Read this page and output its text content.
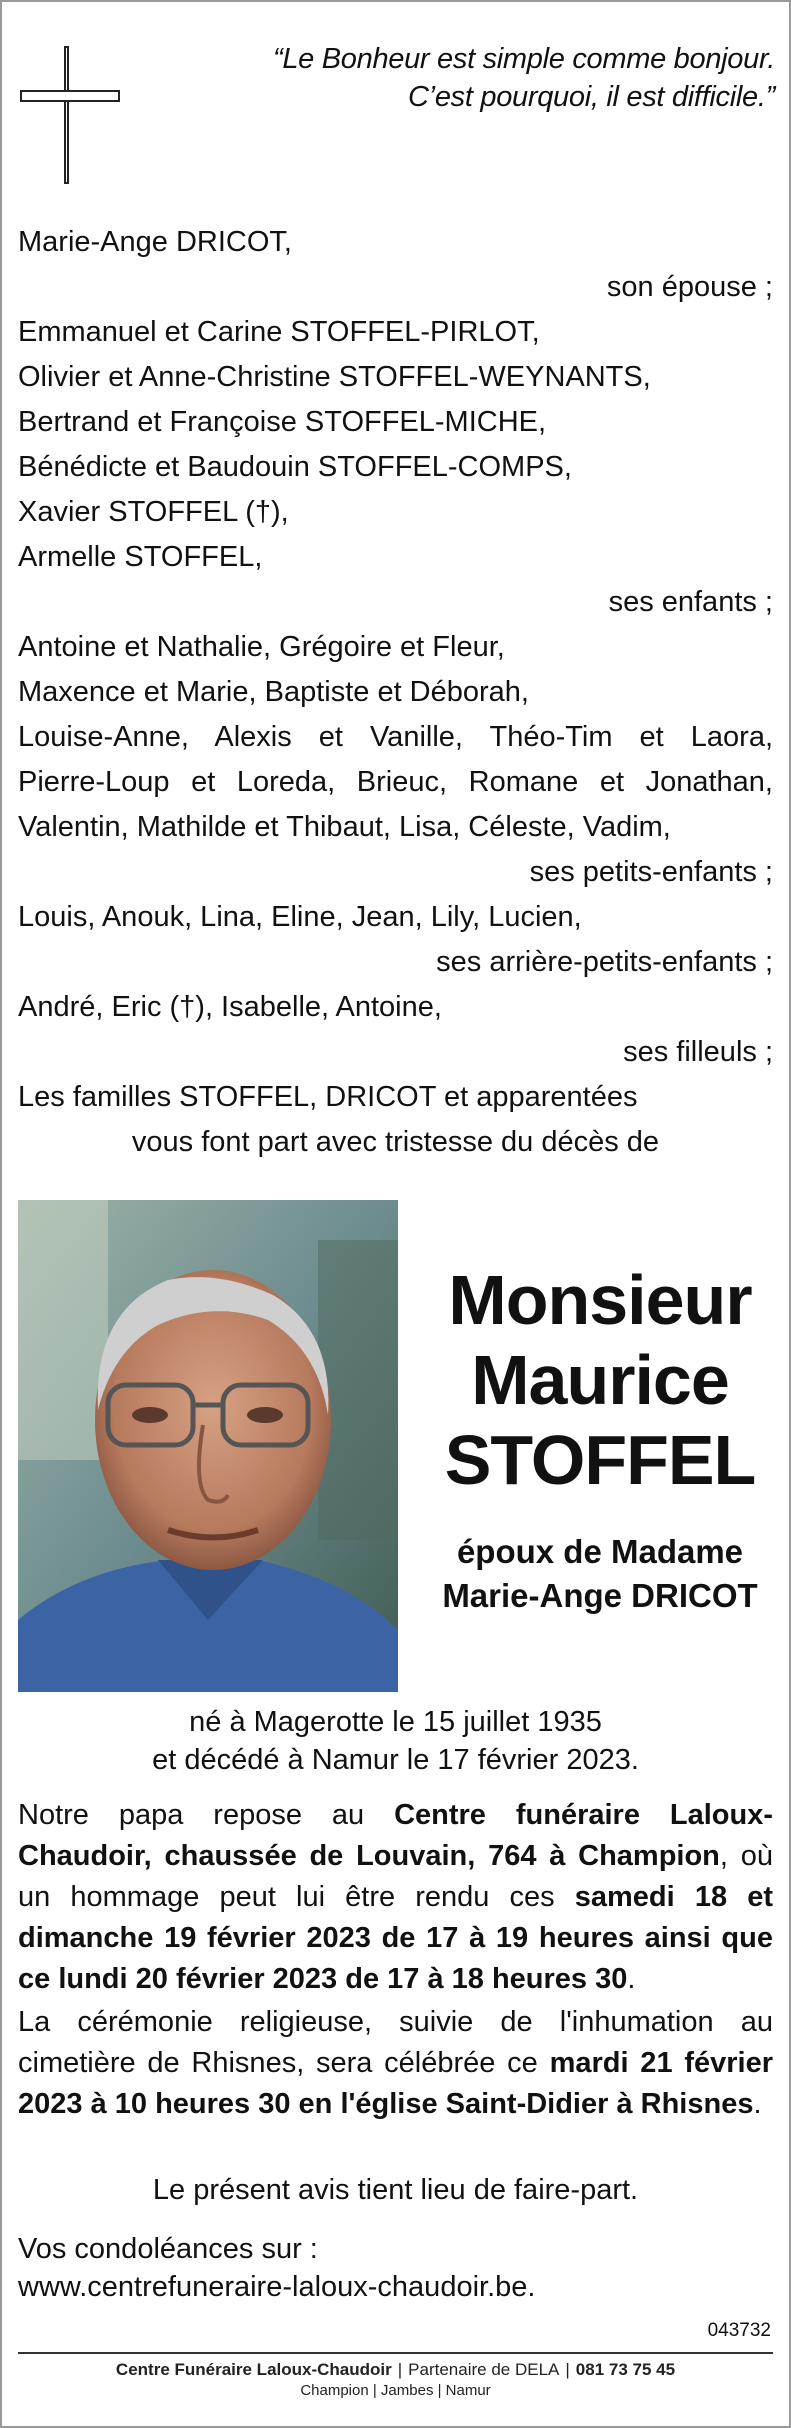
“Le Bonheur est simple comme bonjour.
C’est pourquoi, il est difficile.”
Marie-Ange DRICOT,
son épouse ;
Emmanuel et Carine STOFFEL-PIRLOT,
Olivier et Anne-Christine STOFFEL-WEYNANTS,
Bertrand et Françoise STOFFEL-MICHE,
Bénédicte et Baudouin STOFFEL-COMPS,
Xavier STOFFEL (†),
Armelle STOFFEL,
ses enfants ;
Antoine et Nathalie, Grégoire et Fleur,
Maxence et Marie, Baptiste et Déborah,
Louise-Anne, Alexis et Vanille, Théo-Tim et Laora,
Pierre-Loup et Loreda, Brieuc, Romane et Jonathan,
Valentin, Mathilde et Thibaut, Lisa, Céleste, Vadim,
ses petits-enfants ;
Louis, Anouk, Lina, Eline, Jean, Lily, Lucien,
ses arrière-petits-enfants ;
André, Eric (†), Isabelle, Antoine,
ses filleuls ;
Les familles STOFFEL, DRICOT et apparentées
vous font part avec tristesse du décès de
Monsieur
Maurice
STOFFEL
époux de Madame
Marie-Ange DRICOT
né à Magerotte le 15 juillet 1935
et décédé à Namur le 17 février 2023.
Notre papa repose au Centre funéraire Laloux-Chaudoir, chaussée de Louvain, 764 à Champion, où un hommage peut lui être rendu ces samedi 18 et dimanche 19 février 2023 de 17 à 19 heures ainsi que ce lundi 20 février 2023 de 17 à 18 heures 30.
La cérémonie religieuse, suivie de l'inhumation au cimetière de Rhisnes, sera célébrée ce mardi 21 février 2023 à 10 heures 30 en l'église Saint-Didier à Rhisnes.
Le présent avis tient lieu de faire-part.
Vos condoléances sur :
www.centrefuneraire-laloux-chaudoir.be.
043732
Centre Funéraire Laloux-Chaudoir | Partenaire de DELA | 081 73 75 45
Champion | Jambes | Namur
